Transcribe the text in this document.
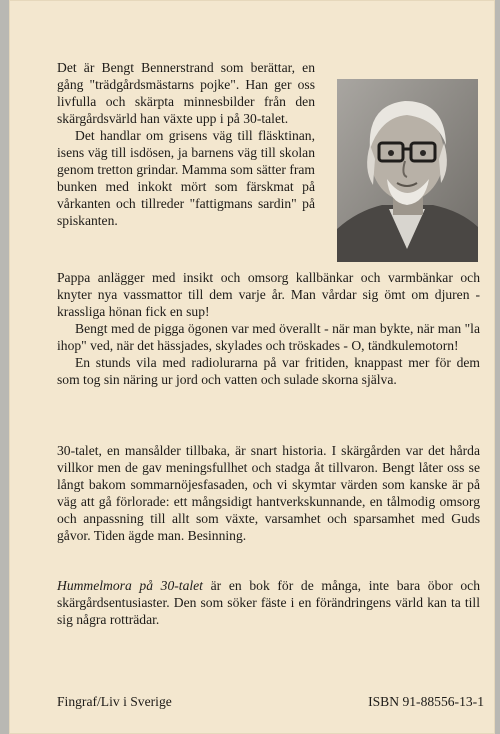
Det är Bengt Bennerstrand som berättar, en gång "trädgårdsmästarns pojke". Han ger oss livfulla och skärpta minnesbilder från den skärgårdsvärld han växte upp i på 30-talet.

Det handlar om grisens väg till fläsktinan, isens väg till isdösen, ja barnens väg till skolan genom tretton grindar. Mamma som sätter fram bunken med inkokt mört som färskmat på vårkanten och tillreder "fattigmans sardin" på spiskanten.

Pappa anlägger med insikt och omsorg kallbänkar och varmbänkar och knyter nya vassmattor till dem varje år. Man vårdar sig ömt om djuren - krassliga hönan fick en sup!

Bengt med de pigga ögonen var med överallt - när man bykte, när man "la ihop" ved, när det hässjades, skylades och tröskades - O, tändkulemotorn!

En stunds vila med radiolurarna på var fritiden, knappast mer för dem som tog sin näring ur jord och vatten och sulade skorna själva.

30-talet, en mansålder tillbaka, är snart historia. I skärgården var det hårda villkor men de gav meningsfullhet och stadga åt tillvaron. Bengt låter oss se långt bakom sommarnöjesfasaden, och vi skymtar värden som kanske är på väg att gå förlorade: ett mångsidigt hantverkskunnande, en tålmodig omsorg och anpassning till allt som växte, varsamhet och sparsamhet med Guds gåvor. Tiden ägde man. Besinning.

Hummelmora på 30-talet är en bok för de många, inte bara öbor och skärgårdsentusiaster. Den som söker fäste i en förändringens värld kan ta till sig några rotträdar.

Fingraf/Liv i Sverige	ISBN 91-88556-13-1
